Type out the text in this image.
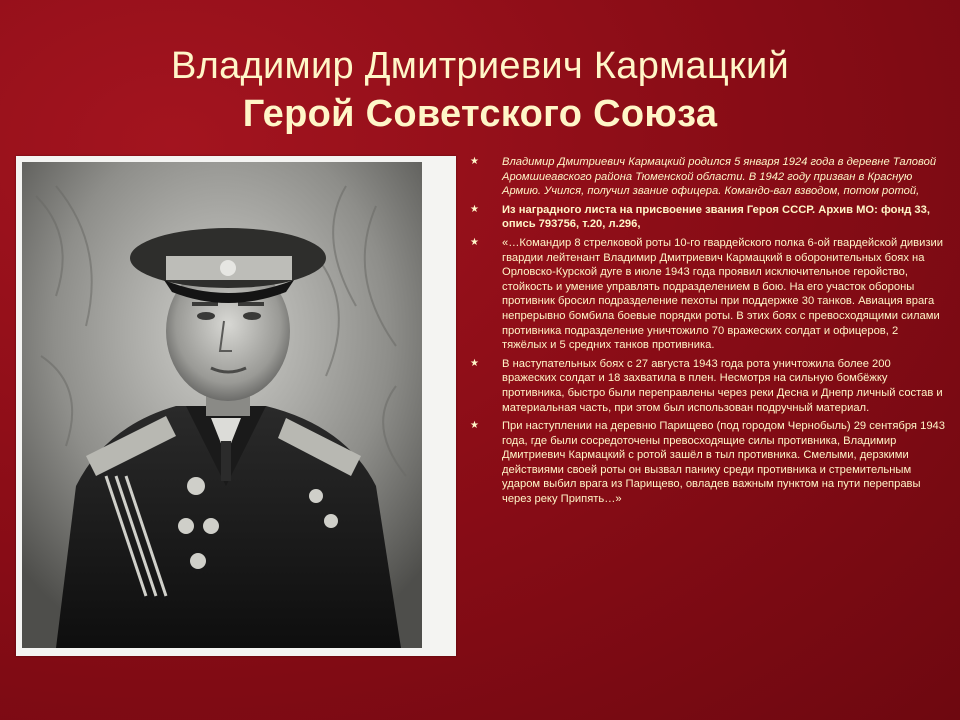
Владимир Дмитриевич Кармацкий
Герой Советского Союза
★	Владимир Дмитриевич Кармацкий родился 5 января 1924 года в деревне Таловой Аромшиеавского района Тюменской области. В 1942 году призван в Красную Армию. Учился, получил звание офицера. Командо-вал взводом, потом ротой,
★	Из наградного листа на присвоение звания Героя СССР. Архив МО: фонд 33, опись 793756, т.20, л.296,
★	«…Командир 8 стрелковой роты 10-го гвардейского полка 6-ой гвардейской дивизии гвардии лейтенант Владимир Дмитриевич Кармацкий в оборонительных боях на Орловско-Курской дуге в июле 1943 года проявил исключительное геройство, стойкость и умение управлять подразделением в бою. На его участок обороны противник бросил подразделение пехоты при поддержке 30 танков. Авиация врага непрерывно бомбила боевые порядки роты. В этих боях с превосходящими силами противника подразделение уничтожило 70 вражеских солдат и офицеров, 2 тяжёлых и 5 средних танков противника.
★	В наступательных боях с 27 августа 1943 года рота уничтожила более 200 вражеских солдат и 18 захватила в плен. Несмотря на сильную бомбёжку противника, быстро были переправлены через реки Десна и Днепр личный состав и материальная часть, при этом был использован подручный материал.
★	При наступлении на деревню Парищево (под городом Чернобыль) 29 сентября 1943 года, где были сосредоточены превосходящие силы противника, Владимир Дмитриевич Кармацкий с ротой зашёл в тыл противника. Смелыми, дерзкими действиями своей роты он вызвал панику среди противника и стремительным ударом выбил врага из Парищево, овладев важным пунктом на пути переправы через реку Припять…»
